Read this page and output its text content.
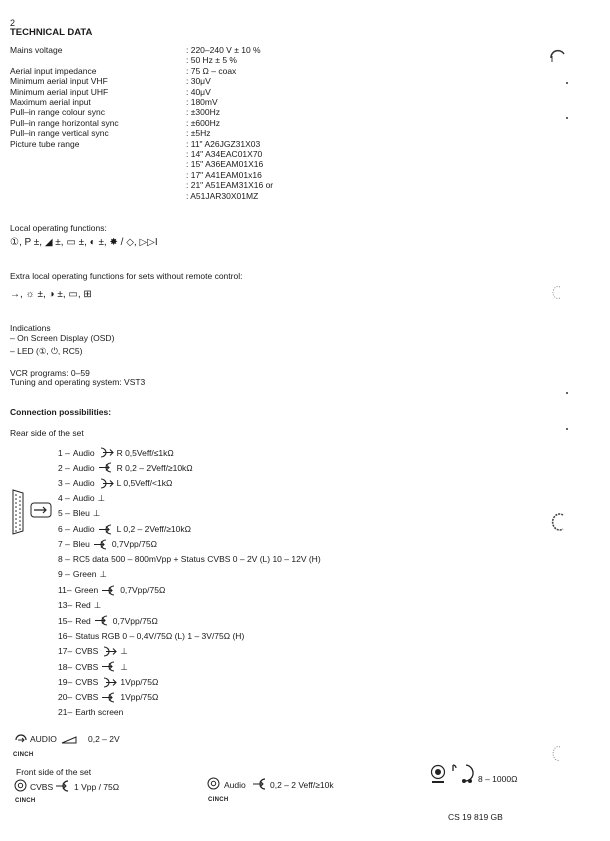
2
TECHNICAL DATA
Mains voltage	: 220–240 V ± 10 %
: 50 Hz ± 5 %
Aerial input impedance	: 75 Ω – coax
Minimum aerial input VHF	: 30μV
Minimum aerial input UHF	: 40μV
Maximum aerial input	: 180mV
Pull–in range colour sync	: ±300Hz
Pull–in range horizontal sync	: ±600Hz
Pull–in range vertical sync	: ±5Hz
Picture tube range	: 11" A26JGZ31X03
: 14" A34EAC01X70
: 15" A36EAM01X16
: 17" A41EAM01x16
: 21" A51EAM31X16 or
: A51JAR30X01MZ
Local operating functions:
①, P ±, ◢ ±, ▭ ±, ◐ ±, ✸ / ◇, ▷▷I
Extra local operating functions for sets without remote control:
→, ☼ ±, ◑ ±, ▭, ⊞
Indications
– On Screen Display (OSD)
– LED (①, ⏻, RC5)
VCR programs: 0–59
Tuning and operating system: VST3
Connection possibilities:
Rear side of the set
1 – Audio	R 0,5Veff/≤1kΩ
2 – Audio	R 0,2 – 2Veff/≥10kΩ
3 – Audio	L 0,5Veff/<1kΩ
4 – Audio ⊥
5 – Bleu ⊥
6 – Audio	L 0,2 – 2Veff/≥10kΩ
7 – Bleu	0,7Vpp/75Ω
8 – RC5 data 500 – 800mVpp + Status CVBS 0 – 2V (L) 10 – 12V (H)
9 – Green ⊥
11– Green	0,7Vpp/75Ω
13– Red ⊥
15– Red	0,7Vpp/75Ω
16– Status RGB 0 – 0,4V/75Ω (L) 1 – 3V/75Ω (H)
17– CVBS	⊥
18– CVBS	⊥
19– CVBS	1Vpp/75Ω
20– CVBS	1Vpp/75Ω
21– Earth screen
AUDIO	0,2 – 2V
CINCH
Front side of the set
CVBS 1 Vpp / 75Ω
CINCH
Audio	0,2 – 2 Veff/≥10k
CINCH
8 – 1000Ω
CS 19 819 GB
